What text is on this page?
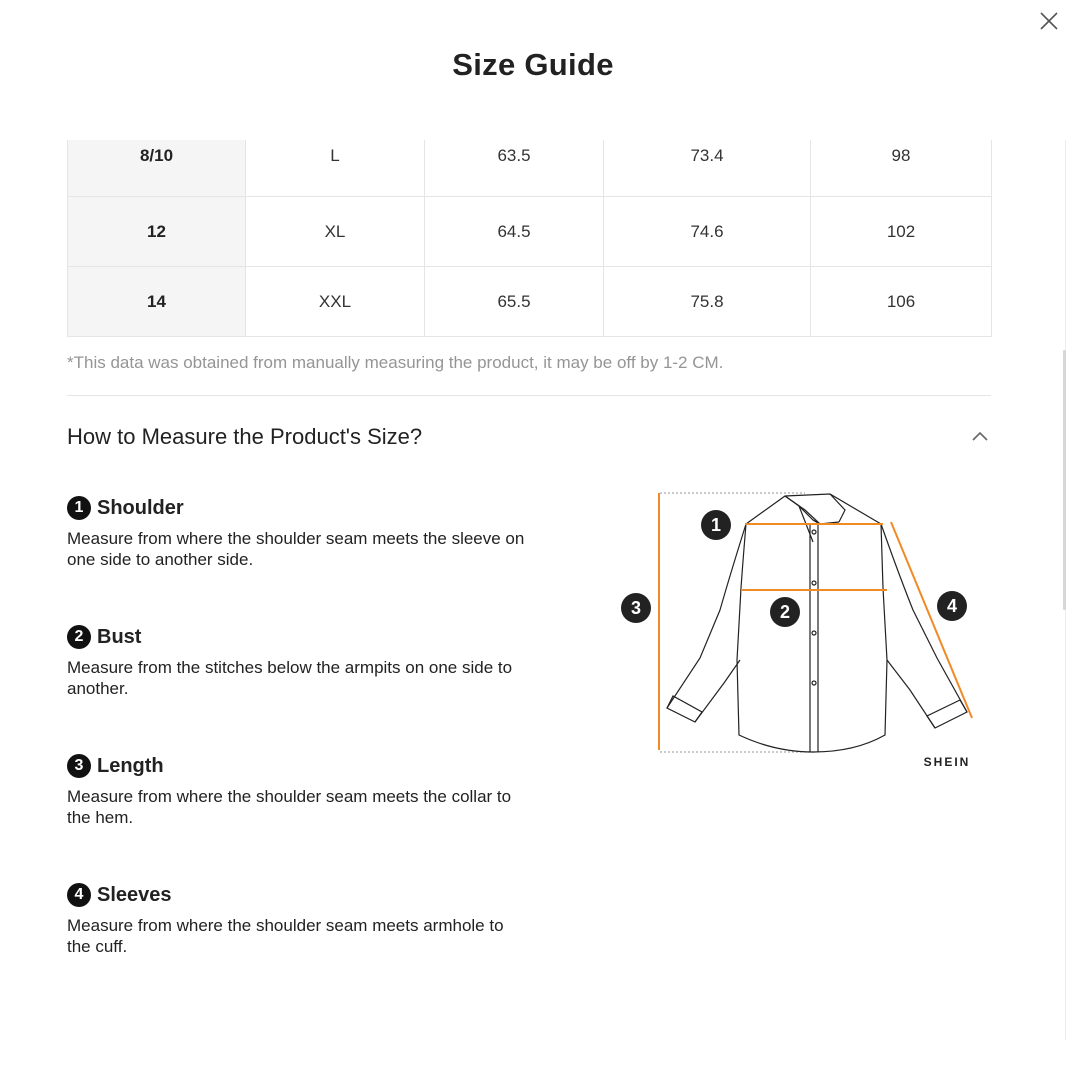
Size Guide
8/10	L	63.5	73.4	98
12	XL	64.5	74.6	102
14	XXL	65.5	75.8	106
*This data was obtained from manually measuring the product, it may be off by 1-2 CM.
How to Measure the Product's Size?
1 Shoulder
Measure from where the shoulder seam meets the sleeve on one side to another side.
2 Bust
Measure from the stitches below the armpits on one side to another.
3 Length
Measure from where the shoulder seam meets the collar to the hem.
4 Sleeves
Measure from where the shoulder seam meets armhole to the cuff.
1
2
3	4
SHEIN
